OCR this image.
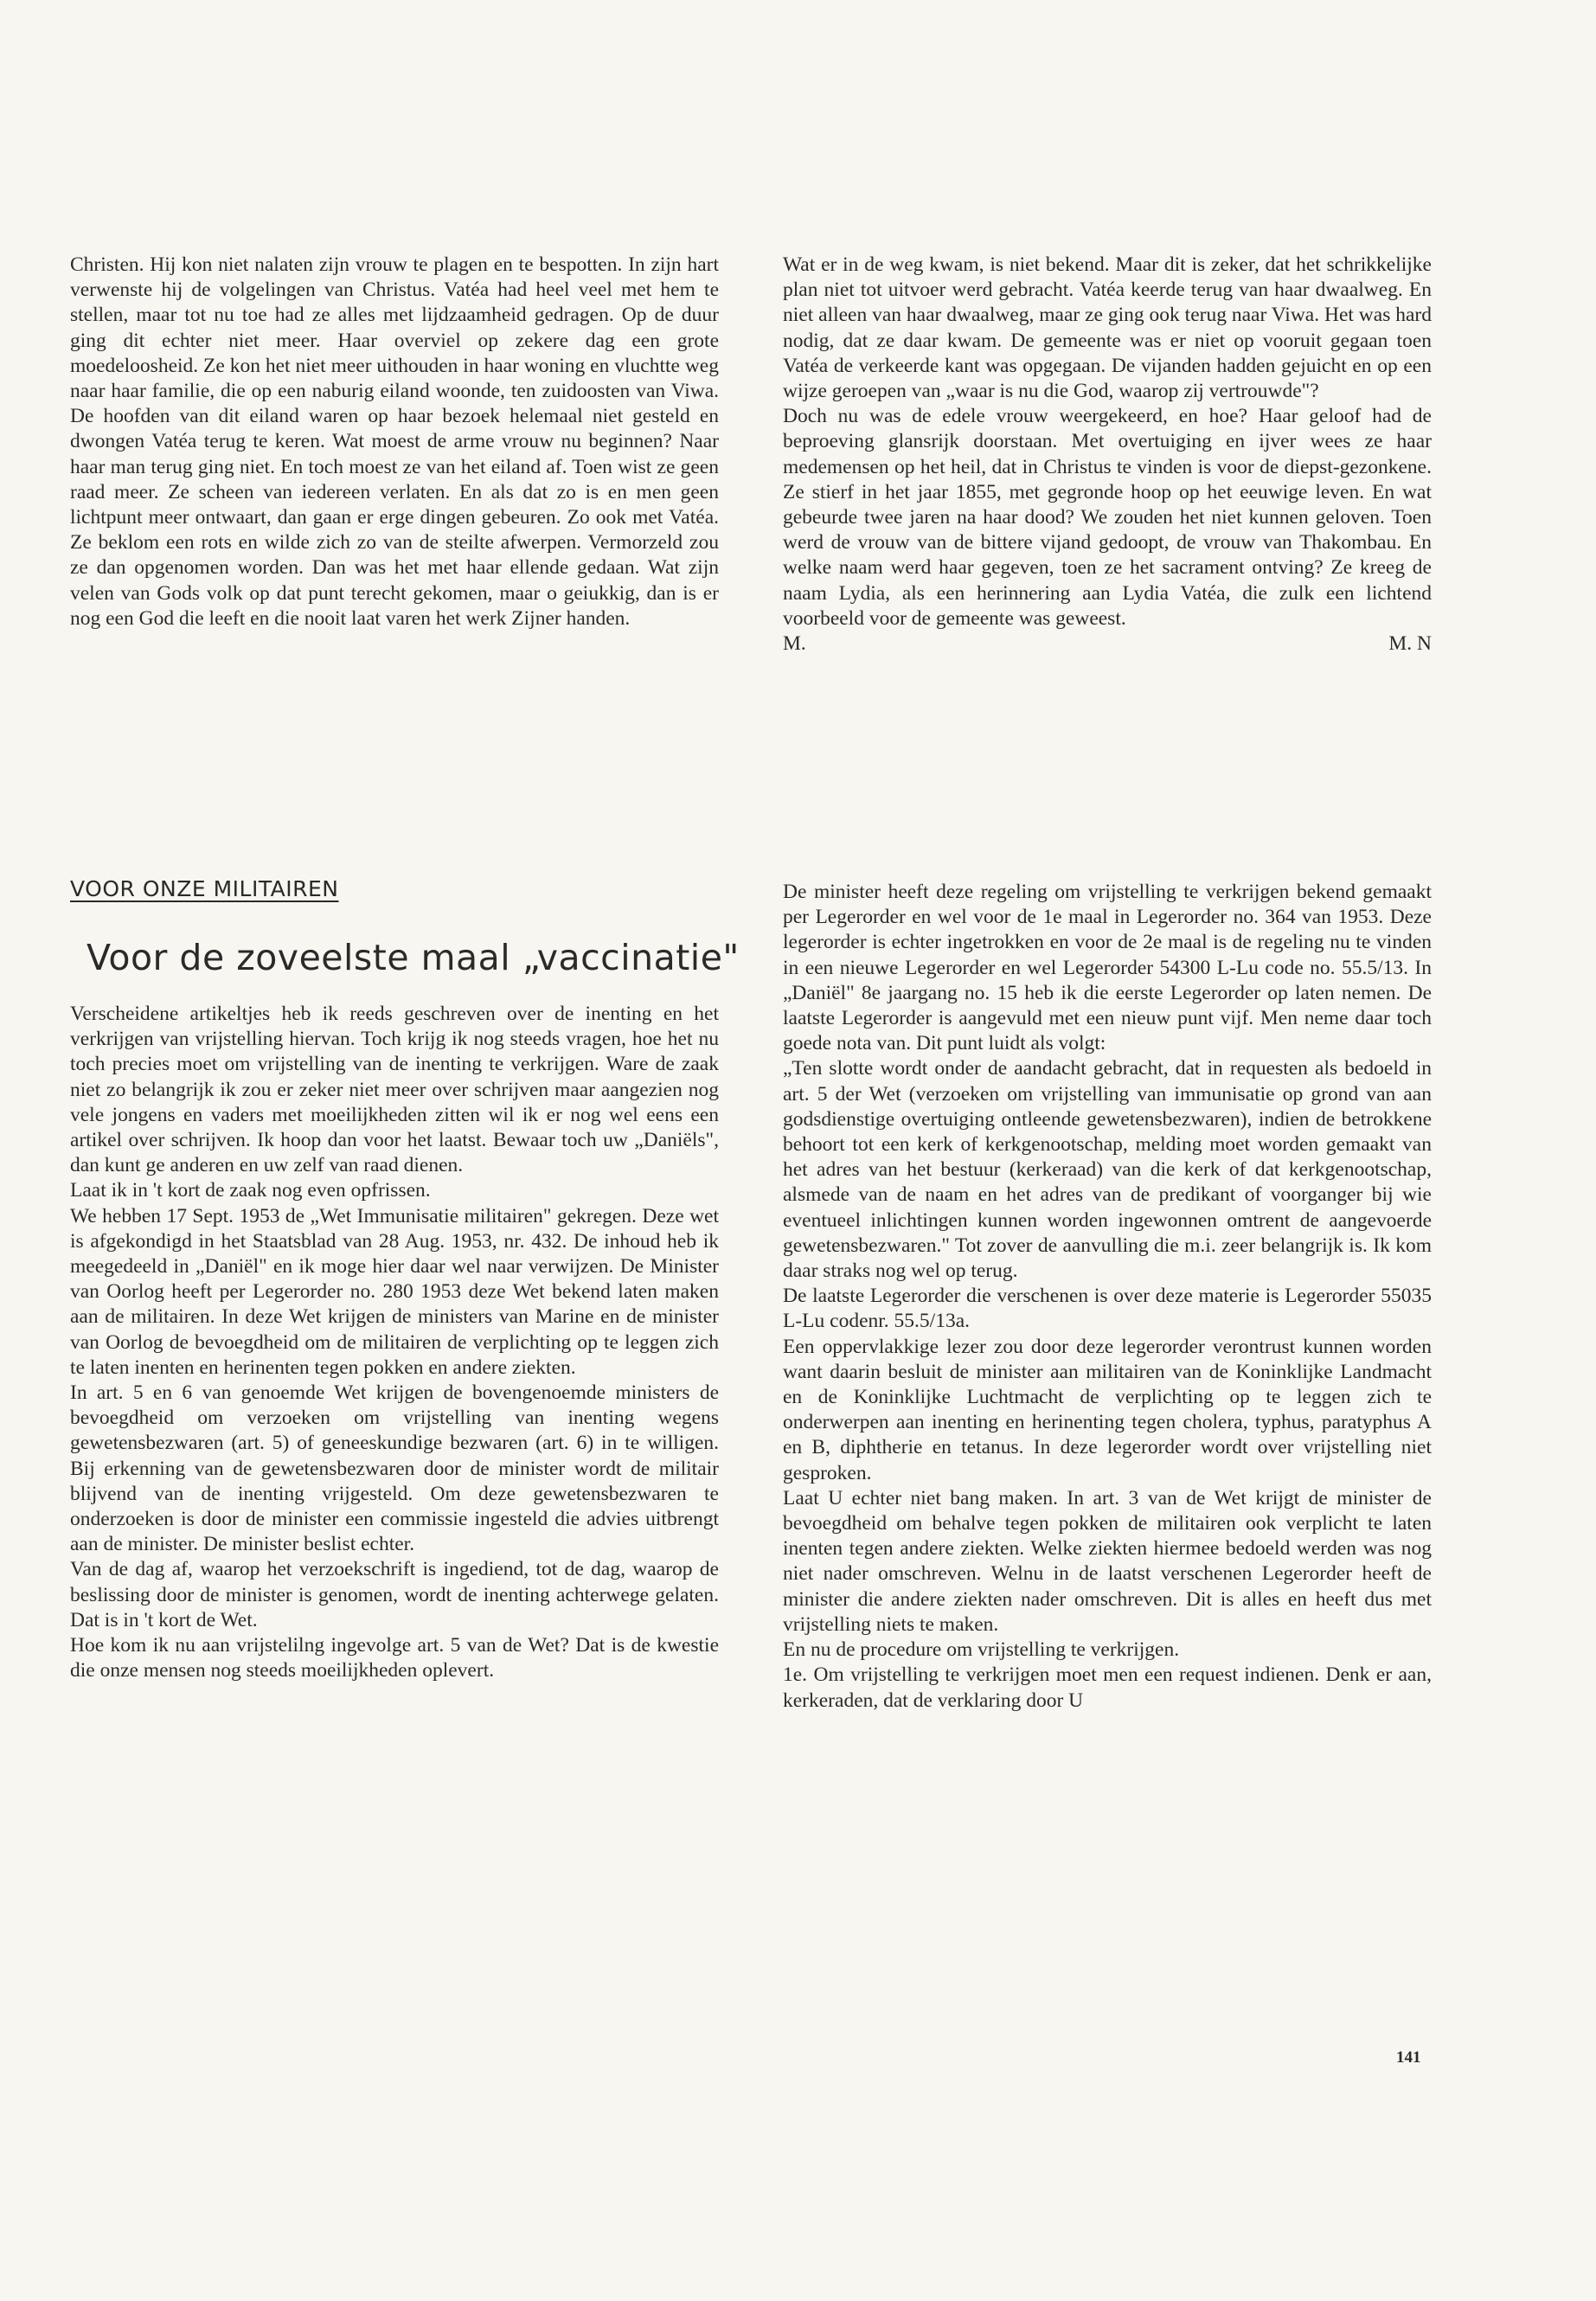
Christen. Hij kon niet nalaten zijn vrouw te plagen en te bespotten. In zijn hart verwenste hij de volgelingen van Christus. Vatéa had heel veel met hem te stellen, maar tot nu toe had ze alles met lijdzaamheid gedragen. Op de duur ging dit echter niet meer. Haar overviel op zekere dag een grote moedeloosheid. Ze kon het niet meer uithouden in haar woning en vluchtte weg naar haar familie, die op een naburig eiland woonde, ten zuidoosten van Viwa. De hoofden van dit eiland waren op haar bezoek helemaal niet gesteld en dwongen Vatéa terug te keren. Wat moest de arme vrouw nu beginnen? Naar haar man terug ging niet. En toch moest ze van het eiland af. Toen wist ze geen raad meer. Ze scheen van iedereen verlaten. En als dat zo is en men geen lichtpunt meer ontwaart, dan gaan er erge dingen gebeuren. Zo ook met Vatéa. Ze beklom een rots en wilde zich zo van de steilte afwerpen. Vermorzeld zou ze dan opgenomen worden. Dan was het met haar ellende gedaan. Wat zijn velen van Gods volk op dat punt terecht gekomen, maar o geiukkig, dan is er nog een God die leeft en die nooit laat varen het werk Zijner handen.

Wat er in de weg kwam, is niet bekend. Maar dit is zeker, dat het schrikkelijke plan niet tot uitvoer werd gebracht. Vatéa keerde terug van haar dwaalweg. En niet alleen van haar dwaalweg, maar ze ging ook terug naar Viwa. Het was hard nodig, dat ze daar kwam. De gemeente was er niet op vooruit gegaan toen Vatéa de verkeerde kant was opgegaan. De vijanden hadden gejuicht en op een wijze geroepen van „waar is nu die God, waarop zij vertrouwde"?

Doch nu was de edele vrouw weergekeerd, en hoe? Haar geloof had de beproeving glansrijk doorstaan. Met overtuiging en ijver wees ze haar medemensen op het heil, dat in Christus te vinden is voor de diepst-gezonkene. Ze stierf in het jaar 1855, met gegronde hoop op het eeuwige leven. En wat gebeurde twee jaren na haar dood? We zouden het niet kunnen geloven. Toen werd de vrouw van de bittere vijand gedoopt, de vrouw van Thakombau. En welke naam werd haar gegeven, toen ze het sacrament ontving? Ze kreeg de naam Lydia, als een herinnering aan Lydia Vatéa, die zulk een lichtend voorbeeld voor de gemeente was geweest.

M.	M. N

VOOR ONZE MILITAIREN
Voor de zoveelste maal „vaccinatie"

Verscheidene artikeltjes heb ik reeds geschreven over de inenting en het verkrijgen van vrijstelling hiervan. Toch krijg ik nog steeds vragen, hoe het nu toch precies moet om vrijstelling van de inenting te verkrijgen. Ware de zaak niet zo belangrijk ik zou er zeker niet meer over schrijven maar aangezien nog vele jongens en vaders met moeilijkheden zitten wil ik er nog wel eens een artikel over schrijven. Ik hoop dan voor het laatst. Bewaar toch uw „Daniëls", dan kunt ge anderen en uw zelf van raad dienen.

Laat ik in 't kort de zaak nog even opfrissen.

We hebben 17 Sept. 1953 de „Wet Immunisatie militairen" gekregen. Deze wet is afgekondigd in het Staatsblad van 28 Aug. 1953, nr. 432. De inhoud heb ik meegedeeld in „Daniël" en ik moge hier daar wel naar verwijzen. De Minister van Oorlog heeft per Legerorder no. 280 1953 deze Wet bekend laten maken aan de militairen. In deze Wet krijgen de ministers van Marine en de minister van Oorlog de bevoegdheid om de militairen de verplichting op te leggen zich te laten inenten en herinenten tegen pokken en andere ziekten.

In art. 5 en 6 van genoemde Wet krijgen de bovengenoemde ministers de bevoegdheid om verzoeken om vrijstelling van inenting wegens gewetensbezwaren (art. 5) of geneeskundige bezwaren (art. 6) in te willigen. Bij erkenning van de gewetensbezwaren door de minister wordt de militair blijvend van de inenting vrijgesteld. Om deze gewetensbezwaren te onderzoeken is door de minister een commissie ingesteld die advies uitbrengt aan de minister. De minister beslist echter.

Van de dag af, waarop het verzoekschrift is ingediend, tot de dag, waarop de beslissing door de minister is genomen, wordt de inenting achterwege gelaten. Dat is in 't kort de Wet.

Hoe kom ik nu aan vrijstelilng ingevolge art. 5 van de Wet? Dat is de kwestie die onze mensen nog steeds moeilijkheden oplevert.

De minister heeft deze regeling om vrijstelling te verkrijgen bekend gemaakt per Legerorder en wel voor de 1e maal in Legerorder no. 364 van 1953. Deze legerorder is echter ingetrokken en voor de 2e maal is de regeling nu te vinden in een nieuwe Legerorder en wel Legerorder 54300 L-Lu code no. 55.5/13. In „Daniël" 8e jaargang no. 15 heb ik die eerste Legerorder op laten nemen. De laatste Legerorder is aangevuld met een nieuw punt vijf. Men neme daar toch goede nota van. Dit punt luidt als volgt:

„Ten slotte wordt onder de aandacht gebracht, dat in requesten als bedoeld in art. 5 der Wet (verzoeken om vrijstelling van immunisatie op grond van aan godsdienstige overtuiging ontleende gewetensbezwaren), indien de betrokkene behoort tot een kerk of kerkgenootschap, melding moet worden gemaakt van het adres van het bestuur (kerkeraad) van die kerk of dat kerkgenootschap, alsmede van de naam en het adres van de predikant of voorganger bij wie eventueel inlichtingen kunnen worden ingewonnen omtrent de aangevoerde gewetensbezwaren." Tot zover de aanvulling die m.i. zeer belangrijk is. Ik kom daar straks nog wel op terug.

De laatste Legerorder die verschenen is over deze materie is Legerorder 55035 L-Lu codenr. 55.5/13a.

Een oppervlakkige lezer zou door deze legerorder verontrust kunnen worden want daarin besluit de minister aan militairen van de Koninklijke Landmacht en de Koninklijke Luchtmacht de verplichting op te leggen zich te onderwerpen aan inenting en herinenting tegen cholera, typhus, paratyphus A en B, diphtherie en tetanus. In deze legerorder wordt over vrijstelling niet gesproken.

Laat U echter niet bang maken. In art. 3 van de Wet krijgt de minister de bevoegdheid om behalve tegen pokken de militairen ook verplicht te laten inenten tegen andere ziekten. Welke ziekten hiermee bedoeld werden was nog niet nader omschreven. Welnu in de laatst verschenen Legerorder heeft de minister die andere ziekten nader omschreven. Dit is alles en heeft dus met vrijstelling niets te maken.

En nu de procedure om vrijstelling te verkrijgen.

1e. Om vrijstelling te verkrijgen moet men een request indienen. Denk er aan, kerkeraden, dat de verklaring door U

141
